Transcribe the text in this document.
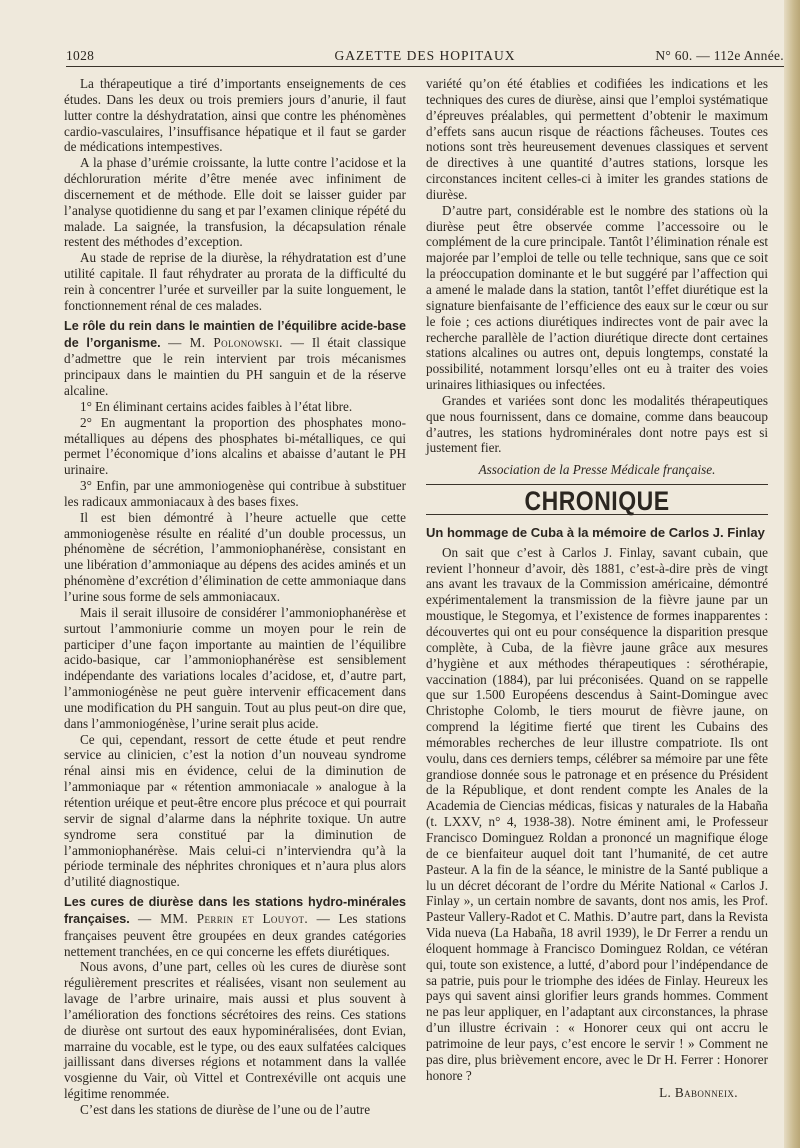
1028	GAZETTE DES HOPITAUX	N° 60. — 112e Année.

La thérapeutique a tiré d’importants enseignements de ces études. Dans les deux ou trois premiers jours d’anurie, il faut lutter contre la déshydratation, ainsi que contre les phénomènes cardio-vasculaires, l’insuffisance hépatique et il faut se garder de médications intempestives.

A la phase d’urémie croissante, la lutte contre l’acidose et la déchloruration mérite d’être menée avec infiniment de discernement et de méthode. Elle doit se laisser guider par l’analyse quotidienne du sang et par l’examen clinique répété du malade. La saignée, la transfusion, la décapsulation rénale restent des méthodes d’exception.

Au stade de reprise de la diurèse, la réhydratation est d’une utilité capitale. Il faut réhydrater au prorata de la difficulté du rein à concentrer l’urée et surveiller par la suite longuement, le fonctionnement rénal de ces malades.

Le rôle du rein dans le maintien de l’équilibre acide-base de l’organisme. — M. Polonowski. — Il était classique d’admettre que le rein intervient par trois mécanismes principaux dans le maintien du PH sanguin et de la réserve alcaline.

1° En éliminant certains acides faibles à l’état libre.

2° En augmentant la proportion des phosphates mono-métalliques au dépens des phosphates bi-métalliques, ce qui permet l’économique d’ions alcalins et abaisse d’autant le PH urinaire.

3° Enfin, par une ammoniogenèse qui contribue à substituer les radicaux ammoniacaux à des bases fixes.

Il est bien démontré à l’heure actuelle que cette ammoniogenèse résulte en réalité d’un double processus, un phénomène de sécrétion, l’ammoniophanérèse, consistant en une libération d’ammoniaque au dépens des acides aminés et un phénomène d’excrétion d’élimination de cette ammoniaque dans l’urine sous forme de sels ammoniacaux.

Mais il serait illusoire de considérer l’ammoniophanérèse et surtout l’ammoniurie comme un moyen pour le rein de participer d’une façon importante au maintien de l’équilibre acido-basique, car l’ammoniophanérèse est sensiblement indépendante des variations locales d’acidose, et, d’autre part, l’ammoniogénèse ne peut guère intervenir efficacement dans une modification du PH sanguin. Tout au plus peut-on dire que, dans l’ammoniogénèse, l’urine serait plus acide.

Ce qui, cependant, ressort de cette étude et peut rendre service au clinicien, c’est la notion d’un nouveau syndrome rénal ainsi mis en évidence, celui de la diminution de l’ammoniaque par « rétention ammoniacale » analogue à la rétention uréique et peut-être encore plus précoce et qui pourrait servir de signal d’alarme dans la néphrite toxique. Un autre syndrome sera constitué par la diminution de l’ammoniophanérèse. Mais celui-ci n’interviendra qu’à la période terminale des néphrites chroniques et n’aura plus alors d’utilité diagnostique.

Les cures de diurèse dans les stations hydro-minérales françaises. — MM. Perrin et Louyot. — Les stations françaises peuvent être groupées en deux grandes catégories nettement tranchées, en ce qui concerne les effets diurétiques.

Nous avons, d’une part, celles où les cures de diurèse sont régulièrement prescrites et réalisées, visant non seulement au lavage de l’arbre urinaire, mais aussi et plus souvent à l’amélioration des fonctions sécrétoires des reins. Ces stations de diurèse ont surtout des eaux hypominéralisées, dont Evian, marraine du vocable, est le type, ou des eaux sulfatées calciques jaillissant dans diverses régions et notamment dans la vallée vosgienne du Vair, où Vittel et Contrexéville ont acquis une légitime renommée.

C’est dans les stations de diurèse de l’une ou de l’autre

variété qu’on été établies et codifiées les indications et les techniques des cures de diurèse, ainsi que l’emploi systématique d’épreuves préalables, qui permettent d’obtenir le maximum d’effets sans aucun risque de réactions fâcheuses. Toutes ces notions sont très heureusement devenues classiques et servent de directives à une quantité d’autres stations, lorsque les circonstances incitent celles-ci à imiter les grandes stations de diurèse.

D’autre part, considérable est le nombre des stations où la diurèse peut être observée comme l’accessoire ou le complément de la cure principale. Tantôt l’élimination rénale est majorée par l’emploi de telle ou telle technique, sans que ce soit la préoccupation dominante et le but suggéré par l’affection qui a amené le malade dans la station, tantôt l’effet diurétique est la signature bienfaisante de l’efficience des eaux sur le cœur ou sur le foie ; ces actions diurétiques indirectes vont de pair avec la recherche parallèle de l’action diurétique directe dont certaines stations alcalines ou autres ont, depuis longtemps, constaté la possibilité, notamment lorsqu’elles ont eu à traiter des voies urinaires lithiasiques ou infectées.

Grandes et variées sont donc les modalités thérapeutiques que nous fournissent, dans ce domaine, comme dans beaucoup d’autres, les stations hydrominérales dont notre pays est si justement fier.

Association de la Presse Médicale française.

CHRONIQUE

Un hommage de Cuba à la mémoire de Carlos J. Finlay

On sait que c’est à Carlos J. Finlay, savant cubain, que revient l’honneur d’avoir, dès 1881, c’est-à-dire près de vingt ans avant les travaux de la Commission américaine, démontré expérimentalement la transmission de la fièvre jaune par un moustique, le Stegomya, et l’existence de formes inapparentes : découvertes qui ont eu pour conséquence la disparition presque complète, à Cuba, de la fièvre jaune grâce aux mesures d’hygiène et aux méthodes thérapeutiques : sérothérapie, vaccination (1884), par lui préconisées. Quand on se rappelle que sur 1.500 Européens descendus à Saint-Domingue avec Christophe Colomb, le tiers mourut de fièvre jaune, on comprend la légitime fierté que tirent les Cubains des mémorables recherches de leur illustre compatriote. Ils ont voulu, dans ces derniers temps, célébrer sa mémoire par une fête grandiose donnée sous le patronage et en présence du Président de la République, et dont rendent compte les Anales de la Academia de Ciencias médicas, fisicas y naturales de la Habaña (t. LXXV, n° 4, 1938-38). Notre éminent ami, le Professeur Francisco Dominguez Roldan a prononcé un magnifique éloge de ce bienfaiteur auquel doit tant l’humanité, de cet autre Pasteur. A la fin de la séance, le ministre de la Santé publique a lu un décret décorant de l’ordre du Mérite National « Carlos J. Finlay », un certain nombre de savants, dont nos amis, les Prof. Pasteur Vallery-Radot et C. Mathis. D’autre part, dans la Revista Vida nueva (La Habaña, 18 avril 1939), le Dr Ferrer a rendu un éloquent hommage à Francisco Dominguez Roldan, ce vétéran qui, toute son existence, a lutté, d’abord pour l’indépendance de sa patrie, puis pour le triomphe des idées de Finlay. Heureux les pays qui savent ainsi glorifier leurs grands hommes. Comment ne pas leur appliquer, en l’adaptant aux circonstances, la phrase d’un illustre écrivain : « Honorer ceux qui ont accru le patrimoine de leur pays, c’est encore le servir ! » Comment ne pas dire, plus brièvement encore, avec le Dr H. Ferrer : Honorer honore ?

L. Babonneix.
